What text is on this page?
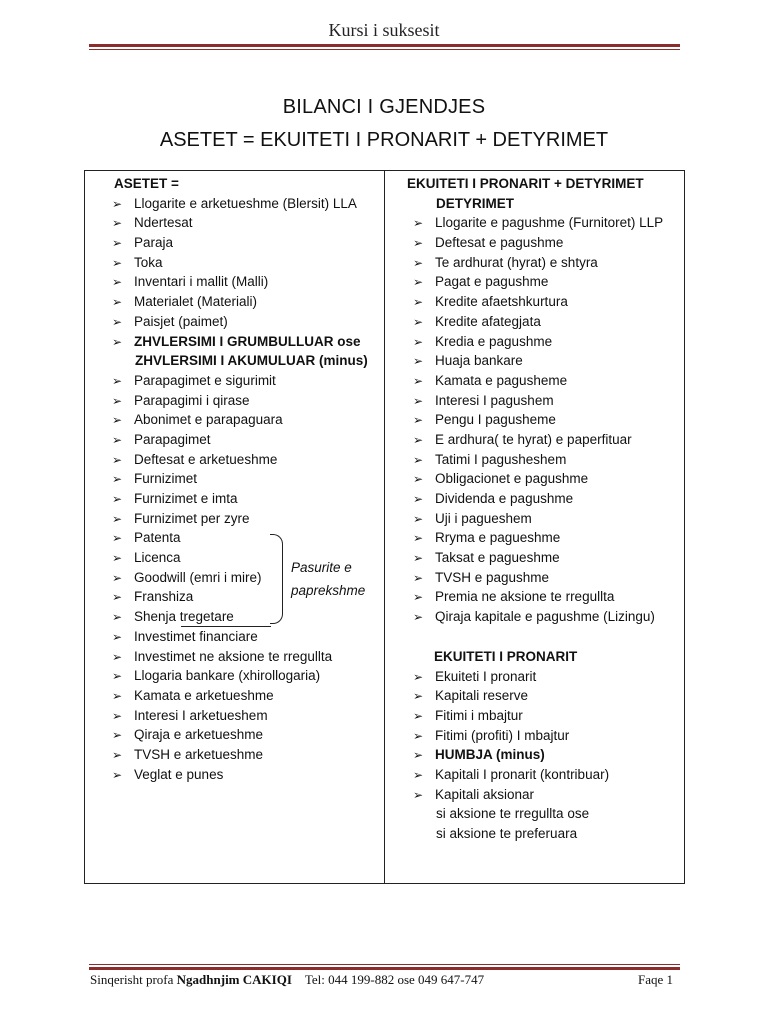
Kursi i suksesit
BILANCI I GJENDJES
ASETET = EKUITETI I PRONARIT + DETYRIMET
ASETET =
➢ Llogarite e arketueshme (Blersit) LLA
➢ Ndertesat
➢ Paraja
➢ Toka
➢ Inventari i mallit (Malli)
➢ Materialet (Materiali)
➢ Paisjet (paimet)
➢ ZHVLERSIMI I GRUMBULLUAR ose
ZHVLERSIMI I AKUMULUAR (minus)
➢ Parapagimet e sigurimit
➢ Parapagimi i qirase
➢ Abonimet e parapaguara
➢ Parapagimet
➢ Deftesat e arketueshme
➢ Furnizimet
➢ Furnizimet e imta
➢ Furnizimet per zyre
➢ Patenta
➢ Licenca
➢ Goodwill (emri i mire)
➢ Franshiza
➢ Shenja tregetare
➢ Investimet financiare
➢ Investimet ne aksione te rregullta
➢ Llogaria bankare (xhirollogaria)
➢ Kamata e arketueshme
➢ Interesi I arketueshem
➢ Qiraja e arketueshme
➢ TVSH e arketueshme
➢ Veglat e punes
Pasurite e
paprekshme
EKUITETI I PRONARIT + DETYRIMET
DETYRIMET
➢ Llogarite e pagushme (Furnitoret) LLP
➢ Deftesat e pagushme
➢ Te ardhurat (hyrat) e shtyra
➢ Pagat e pagushme
➢ Kredite afaetshkurtura
➢ Kredite afategjata
➢ Kredia e pagushme
➢ Huaja bankare
➢ Kamata e pagusheme
➢ Interesi I pagushem
➢ Pengu I pagusheme
➢ E ardhura( te hyrat) e paperfituar
➢ Tatimi I pagusheshem
➢ Obligacionet e pagushme
➢ Dividenda e pagushme
➢ Uji i pagueshem
➢ Rryma e pagueshme
➢ Taksat e pagueshme
➢ TVSH e pagushme
➢ Premia ne aksione te rregullta
➢ Qiraja kapitale e pagushme (Lizingu)
EKUITETI I PRONARIT
➢ Ekuiteti I pronarit
➢ Kapitali reserve
➢ Fitimi i mbajtur
➢ Fitimi (profiti) I mbajtur
➢ HUMBJA (minus)
➢ Kapitali I pronarit (kontribuar)
➢ Kapitali aksionar
si aksione te rregullta ose
si aksione te preferuara
Sinqerisht profa Ngadhnjim CAKIQI Tel: 044 199-882 ose 049 647-747	Faqe 1
